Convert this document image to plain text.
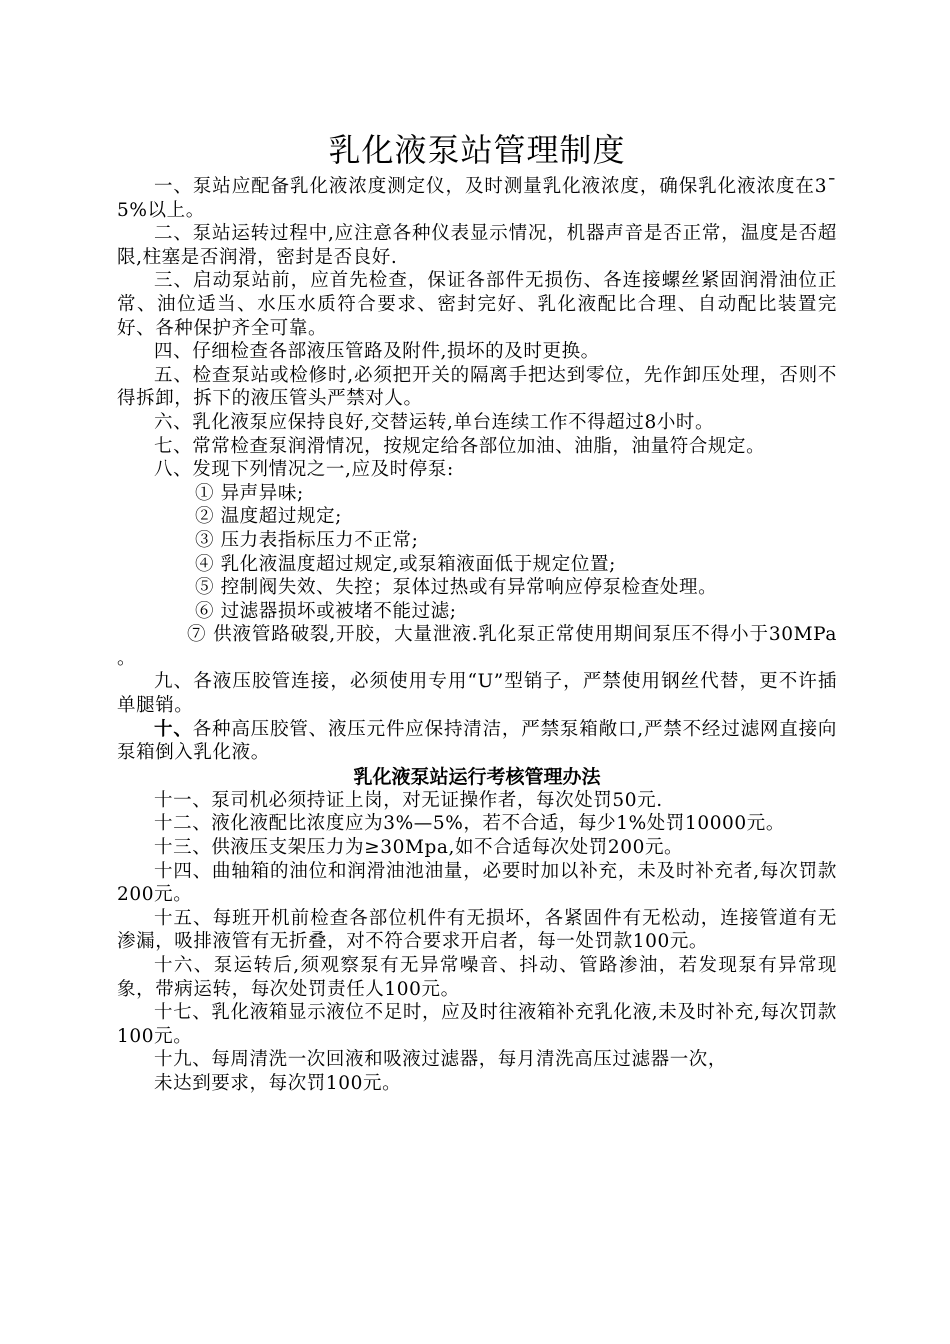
乳化液泵站管理制度

一、泵站应配备乳化液浓度测定仪，及时测量乳化液浓度，确保乳化液浓度在3¯5%以上。

二、泵站运转过程中,应注意各种仪表显示情况，机器声音是否正常，温度是否超限,柱塞是否润滑，密封是否良好.

三、启动泵站前，应首先检查，保证各部件无损伤、各连接螺丝紧固润滑油位正常、油位适当、水压水质符合要求、密封完好、乳化液配比合理、自动配比装置完好、各种保护齐全可靠。

四、仔细检查各部液压管路及附件,损坏的及时更换。

五、检查泵站或检修时,必须把开关的隔离手把达到零位，先作卸压处理，否则不得拆卸，拆下的液压管头严禁对人。

六、乳化液泵应保持良好,交替运转,单台连续工作不得超过8小时。

七、常常检查泵润滑情况，按规定给各部位加油、油脂，油量符合规定。

八、发现下列情况之一,应及时停泵:

① 异声异味;

② 温度超过规定;

③ 压力表指标压力不正常;

④ 乳化液温度超过规定,或泵箱液面低于规定位置;

⑤ 控制阀失效、失控；泵体过热或有异常响应停泵检查处理。

⑥ 过滤器损坏或被堵不能过滤;

⑦ 供液管路破裂,开胶，大量泄液.乳化泵正常使用期间泵压不得小于30MPa 。

九、各液压胶管连接，必须使用专用“U”型销子，严禁使用钢丝代替，更不许插单腿销。

十、各种高压胶管、液压元件应保持清洁，严禁泵箱敞口,严禁不经过滤网直接向泵箱倒入乳化液。

乳化液泵站运行考核管理办法

十一、泵司机必须持证上岗，对无证操作者，每次处罚50元.

十二、液化液配比浓度应为3%—5%，若不合适，每少1%处罚10000元。

十三、供液压支架压力为≥30Mpa,如不合适每次处罚200元。

十四、曲轴箱的油位和润滑油池油量，必要时加以补充，未及时补充者,每次罚款200元。

十五、每班开机前检查各部位机件有无损坏，各紧固件有无松动，连接管道有无渗漏，吸排液管有无折叠，对不符合要求开启者，每一处罚款100元。

十六、泵运转后,须观察泵有无异常噪音、抖动、管路渗油，若发现泵有异常现象，带病运转，每次处罚责任人100元。

十七、乳化液箱显示液位不足时，应及时往液箱补充乳化液,未及时补充,每次罚款100元。

十九、每周清洗一次回液和吸液过滤器，每月清洗高压过滤器一次，

未达到要求，每次罚100元。
